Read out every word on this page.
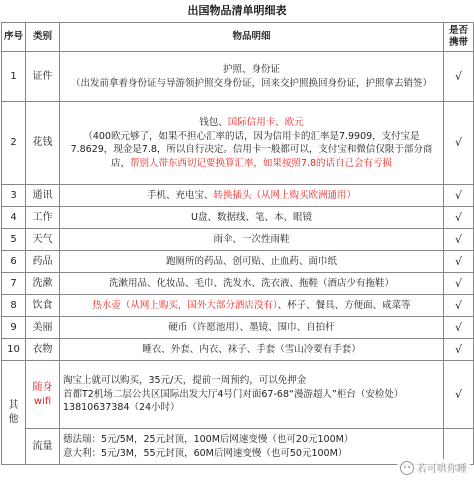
出国物品清单明细表
序号	类别	物品明细	是否携带
1	证件	护照、身份证
（出发前拿着身份证与导游领护照交身份证，回来交护照换回身份证，护照拿去销签）	√
2	花钱	钱包、国际信用卡、欧元
（400欧元够了，如果不担心汇率的话，因为信用卡的汇率是7.9909，支付宝是7.8629，现金是7.8，所以自行决定。信用卡一般都可以，支付宝和微信仅限于部分商店，帮别人带东西切记要换算汇率，如果按照7.8的话自己会有亏损	√
3	通讯	手机、充电宝、转换插头（从网上购买欧洲通用）	√
4	工作	U盘、数据线、笔、本、眼镜	√
5	天气	雨伞、一次性雨鞋	√
6	药品	跑厕所的药品、创可贴、止血药、面巾纸	√
7	洗漱	洗漱用品、化妆品、毛巾、洗发水、洗衣液、拖鞋（酒店少有拖鞋）	√
8	饮食	热水壶（从网上购买，国外大部分酒店没有）、杯子、餐具、方便面、咸菜等	√
9	美丽	硬币（许愿池用）、墨镜、围巾、自拍杆	√
10	衣物	睡衣、外套、内衣、袜子、手套（雪山冷要有手套）	√
其他	随身wifi	淘宝上就可以购买，35元/天，提前一周预约，可以免押金
首都T2机场二层公共区国际出发大厅4号门对面67-68“漫游超人”柜台（安检处）13810637384（24小时）	√
	流量	德法瑞：5元/5M，25元封顶，100M后网速变慢（也可20元100M）
意大利：5元/3M，55元封顶，60M后网速变慢（也可50元100M）	

若可哄你睡
